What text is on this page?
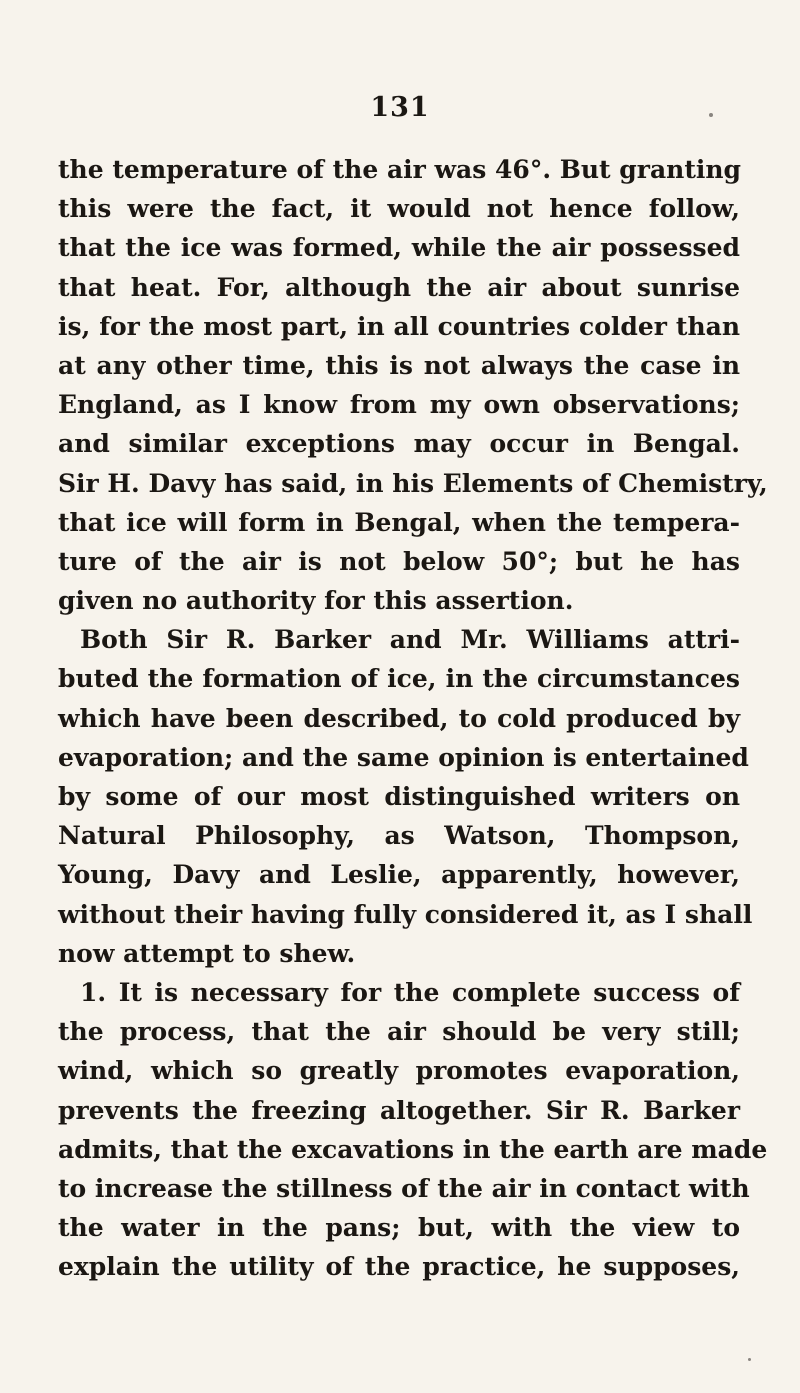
131
the temperature of the air was 46°. But granting
this were the fact, it would not hence follow,
that the ice was formed, while the air possessed
that heat. For, although the air about sunrise
is, for the most part, in all countries colder than
at any other time, this is not always the case in
England, as I know from my own observations;
and similar exceptions may occur in Bengal.
Sir H. Davy has said, in his Elements of Chemistry,
that ice will form in Bengal, when the tempera-
ture of the air is not below 50°; but he has
given no authority for this assertion.
Both Sir R. Barker and Mr. Williams attri-
buted the formation of ice, in the circumstances
which have been described, to cold produced by
evaporation; and the same opinion is entertained
by some of our most distinguished writers on
Natural Philosophy, as Watson, Thompson,
Young, Davy and Leslie, apparently, however,
without their having fully considered it, as I shall
now attempt to shew.
1. It is necessary for the complete success of
the process, that the air should be very still;
wind, which so greatly promotes evaporation,
prevents the freezing altogether. Sir R. Barker
admits, that the excavations in the earth are made
to increase the stillness of the air in contact with
the water in the pans; but, with the view to
explain the utility of the practice, he supposes,
